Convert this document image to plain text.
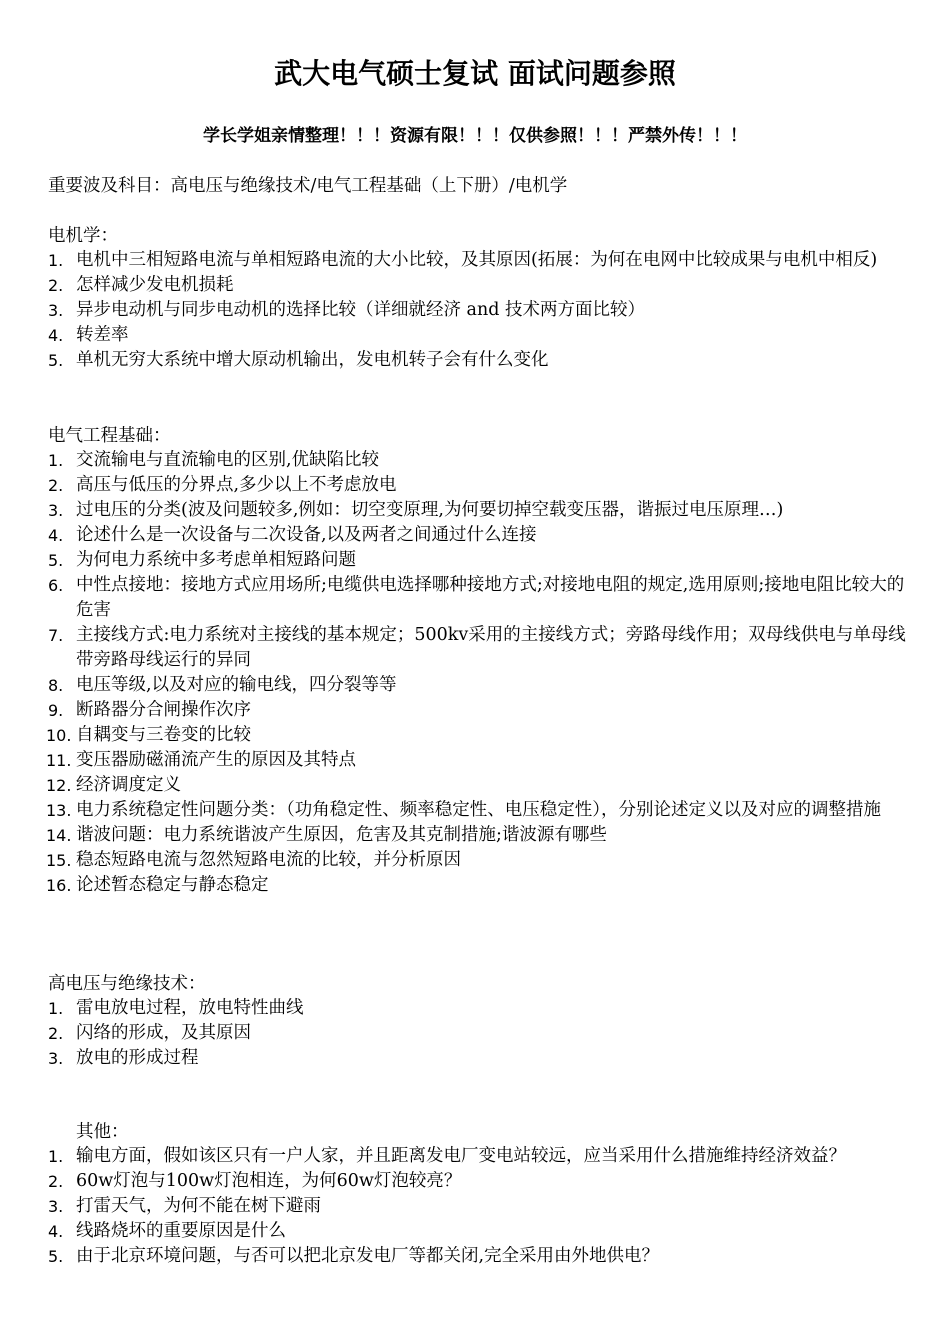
武大电气硕士复试 面试问题参照
学长学姐亲情整理！！！资源有限！！！仅供参照！！！严禁外传！！！
重要波及科目：高电压与绝缘技术/电气工程基础（上下册）/电机学
电机学：
1. 电机中三相短路电流与单相短路电流的大小比较，及其原因(拓展：为何在电网中比较成果与电机中相反)
2. 怎样减少发电机损耗
3. 异步电动机与同步电动机的选择比较（详细就经济 and 技术两方面比较）
4. 转差率
5. 单机无穷大系统中增大原动机输出，发电机转子会有什么变化
电气工程基础：
1. 交流输电与直流输电的区别,优缺陷比较
2. 高压与低压的分界点,多少以上不考虑放电
3. 过电压的分类(波及问题较多,例如：切空变原理,为何要切掉空载变压器，谐振过电压原理…)
4. 论述什么是一次设备与二次设备,以及两者之间通过什么连接
5. 为何电力系统中多考虑单相短路问题
6. 中性点接地：接地方式应用场所;电缆供电选择哪种接地方式;对接地电阻的规定,选用原则;接地电阻比较大的危害
7. 主接线方式:电力系统对主接线的基本规定；500kv采用的主接线方式；旁路母线作用；双母线供电与单母线带旁路母线运行的异同
8. 电压等级,以及对应的输电线，四分裂等等
9. 断路器分合闸操作次序
10. 自耦变与三卷变的比较
11. 变压器励磁涌流产生的原因及其特点
12. 经济调度定义
13. 电力系统稳定性问题分类：（功角稳定性、频率稳定性、电压稳定性），分别论述定义以及对应的调整措施
14. 谐波问题：电力系统谐波产生原因，危害及其克制措施;谐波源有哪些
15. 稳态短路电流与忽然短路电流的比较，并分析原因
16. 论述暂态稳定与静态稳定
高电压与绝缘技术：
1. 雷电放电过程，放电特性曲线
2. 闪络的形成，及其原因
3. 放电的形成过程
其他：
1. 输电方面，假如该区只有一户人家，并且距离发电厂变电站较远，应当采用什么措施维持经济效益？
2. 60w灯泡与100w灯泡相连，为何60w灯泡较亮？
3. 打雷天气，为何不能在树下避雨
4. 线路烧坏的重要原因是什么
5. 由于北京环境问题，与否可以把北京发电厂等都关闭,完全采用由外地供电？
